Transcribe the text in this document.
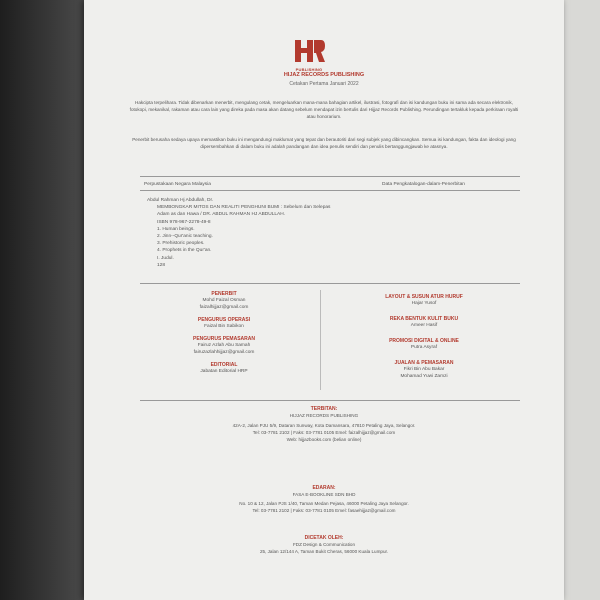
PUBLISHING
HIJAZ RECORDS PUBLISHING
Cetakan Pertama Januari 2022
Hakcipta terpelihara. Tidak dibenarkan menerbit, mengulang cetak, mengeluarkan mana-mana bahagian artikel, ilustrasi, fotografi dan isi kandungan buku ini sama ada secara elektronik, fotokopi, mekanikal, rakaman atau cara lain yang direka pada masa akan datang sebelum mendapat izin bertulis dari Hijjaz Records Publishing. Perundingan tertakluk kepada perkiraan royalti atau honorarium.
Penerbit berusaha sedaya upaya memastikan buku ini mengandungi maklumat yang tepat dan berautoriti dari segi subjek yang dibincangkan. Semua isi kandungan, fakta dan ideologi yang dipersembahkan di dalam buku ini adalah pandangan dan idea penulis sendiri dan penulis bertanggungjawab ke atasnya.
Perpustakaan Negara Malaysia	Data Pengkatalogan-dalam-Penerbitan
Abdul Rahman Hj Abdullah, Dr.
MEMBONGKAR MITOS DAN REALITI PENGHUNI BUMI : Sebelum dan Selepas
Adam as dan Hawa / DR. ABDUL RAHMAN HJ ABDULLAH.
ISBN 978-967-2278-49-8
1. Human beings.
2. Jinn--Qur'anic teaching.
3. Prehistoric peoples.
4. Prophets in the Qur'an.
I. Judul.
128
PENERBIT
Mohd Faizal Osman
faizalhijjaz@gmail.com
PENGURUS OPERASI
Faizal Bin Sabikon
PENGURUS PEMASARAN
Fairuz Azlah Abu Samah
fairuzazlahhijjaz@gmail.com
EDITORIAL
Jabatan Editorial HRP
LAYOUT & SUSUN ATUR HURUF
Hajar Yusof
REKA BENTUK KULIT BUKU
Ameer Hasif
PROMOSI DIGITAL & ONLINE
Putra Asyraf
JUALAN & PEMASARAN
Fikri Bin Abu Bakar
Mohamad Yuwi Zamzi
TERBITAN:
HIJJAZ RECORDS PUBLISHING
42A-2, Jalan PJU 5/9, Dataran Sunway, Kota Damansara, 47810 Petaling Jaya, Selangor.
Tel: 03-7781 2102 | Faks: 03-7781 0105 Emel: faizalhijjaz@gmail.com
Web: hijjazbooks.com (belian online)
EDARAN:
FASA E-BOOKLINE SDN BHD
No. 10 & 12, Jalan PJS 1/40, Taman Medan Pejasa, 46000 Petaling Jaya Selangor.
Tel: 03-7781 2102 | Faks: 03-7781 0105 Emel: fasaehijjaz@gmail.com
DICETAK OLEH:
FDZ Design & Communication
25, Jalan 12/144 A, Taman Bukit Cheras, 56000 Kuala Lumpur.
